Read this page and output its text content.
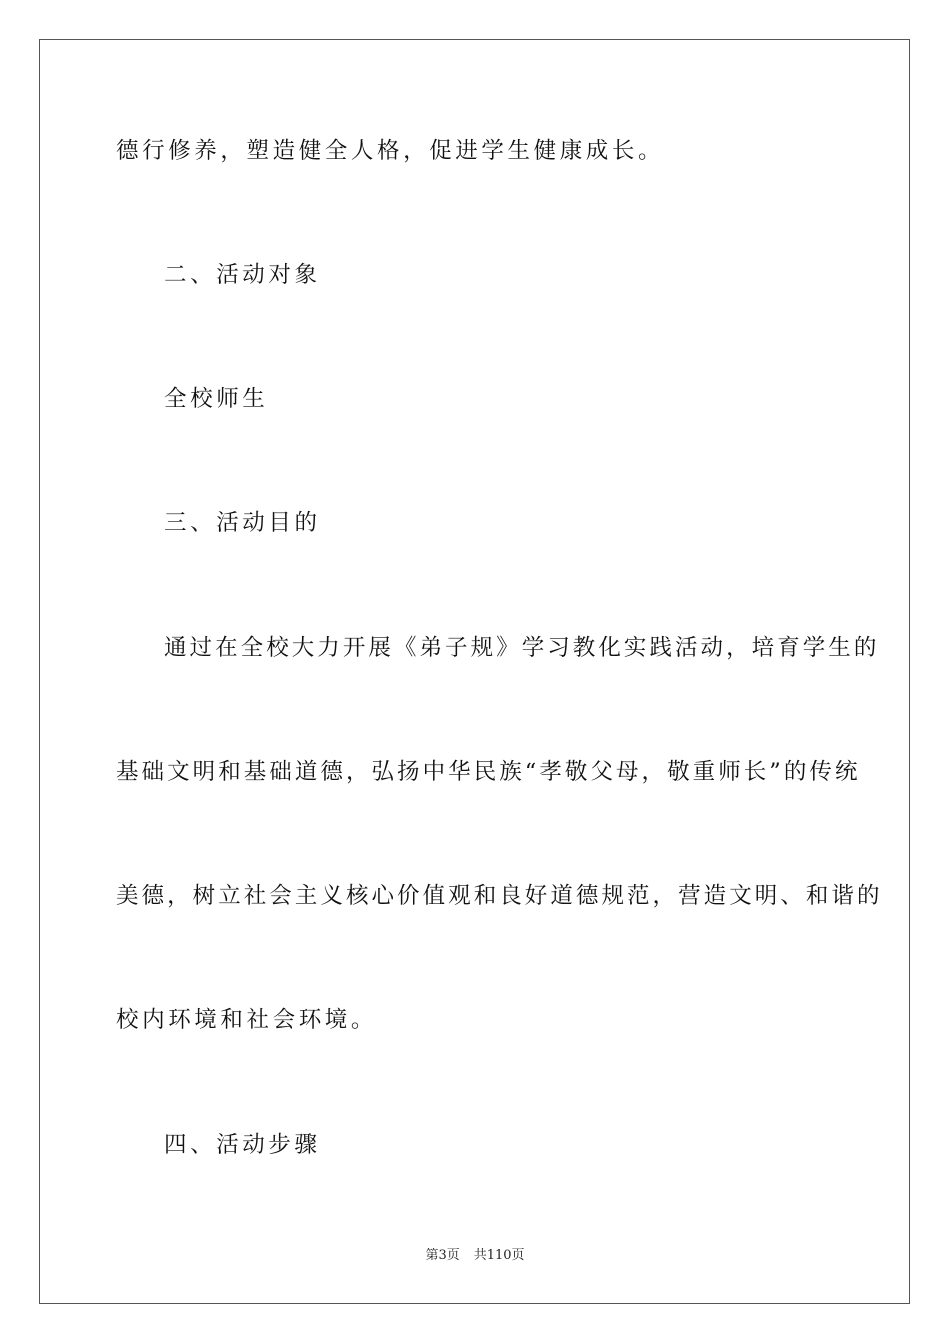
德行修养，塑造健全人格，促进学生健康成长。
二、活动对象
全校师生
三、活动目的
通过在全校大力开展《弟子规》学习教化实践活动，培育学生的
基础文明和基础道德，弘扬中华民族“孝敬父母，敬重师长”的传统
美德，树立社会主义核心价值观和良好道德规范，营造文明、和谐的
校内环境和社会环境。
四、活动步骤
第3页 共110页
